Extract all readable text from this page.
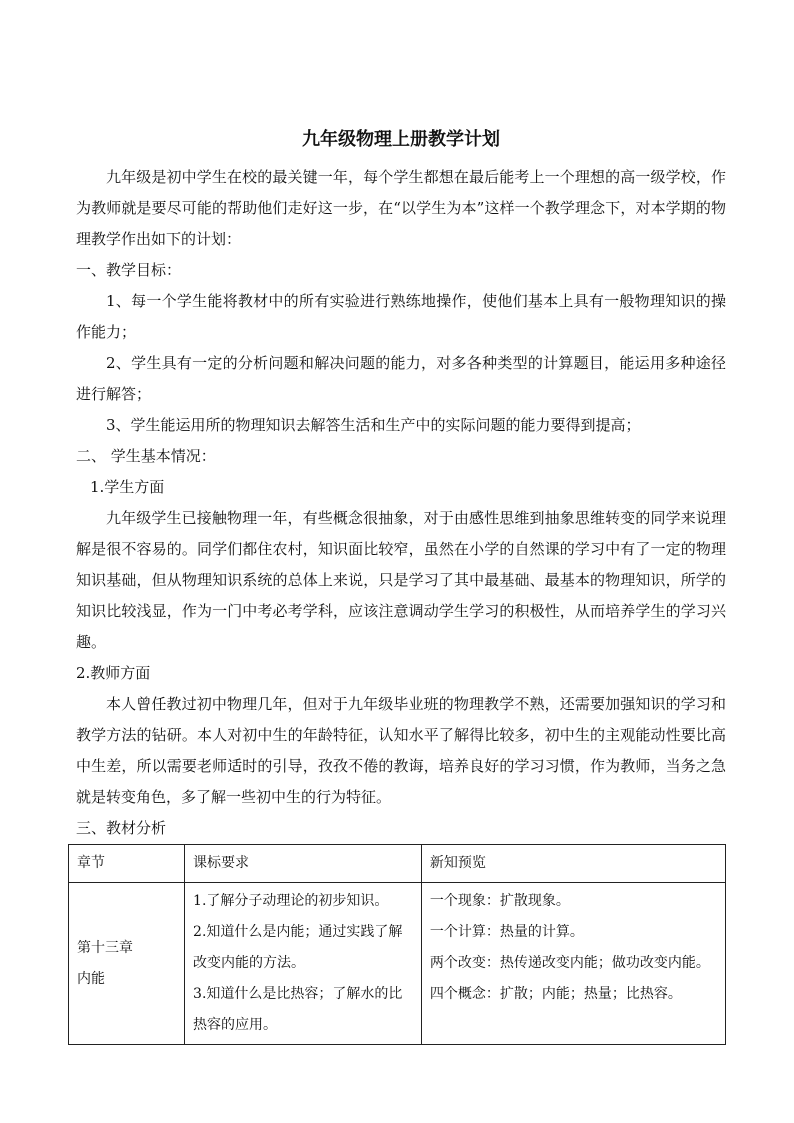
九年级物理上册教学计划

九年级是初中学生在校的最关键一年，每个学生都想在最后能考上一个理想的高一级学校，作为教师就是要尽可能的帮助他们走好这一步，在“以学生为本”这样一个教学理念下，对本学期的物理教学作出如下的计划：

一、教学目标：

1、每一个学生能将教材中的所有实验进行熟练地操作，使他们基本上具有一般物理知识的操作能力；

2、学生具有一定的分析问题和解决问题的能力，对多各种类型的计算题目，能运用多种途径进行解答；

3、学生能运用所的物理知识去解答生活和生产中的实际问题的能力要得到提高；

二、 学生基本情况：

1.学生方面

九年级学生已接触物理一年，有些概念很抽象，对于由感性思维到抽象思维转变的同学来说理解是很不容易的。同学们都住农村，知识面比较窄，虽然在小学的自然课的学习中有了一定的物理知识基础，但从物理知识系统的总体上来说，只是学习了其中最基础、最基本的物理知识，所学的知识比较浅显，作为一门中考必考学科，应该注意调动学生学习的积极性，从而培养学生的学习兴趣。

2.教师方面

本人曾任教过初中物理几年，但对于九年级毕业班的物理教学不熟，还需要加强知识的学习和教学方法的钻研。本人对初中生的年龄特征，认知水平了解得比较多，初中生的主观能动性要比高中生差，所以需要老师适时的引导，孜孜不倦的教诲，培养良好的学习习惯，作为教师，当务之急就是转变角色，多了解一些初中生的行为特征。

三、教材分析

章节	课标要求	新知预览

第十三章
内能	1.了解分子动理论的初步知识。
2.知道什么是内能；通过实践了解改变内能的方法。
3.知道什么是比热容；了解水的比热容的应用。	一个现象：扩散现象。
一个计算：热量的计算。
两个改变：热传递改变内能；做功改变内能。
四个概念：扩散；内能；热量；比热容。
